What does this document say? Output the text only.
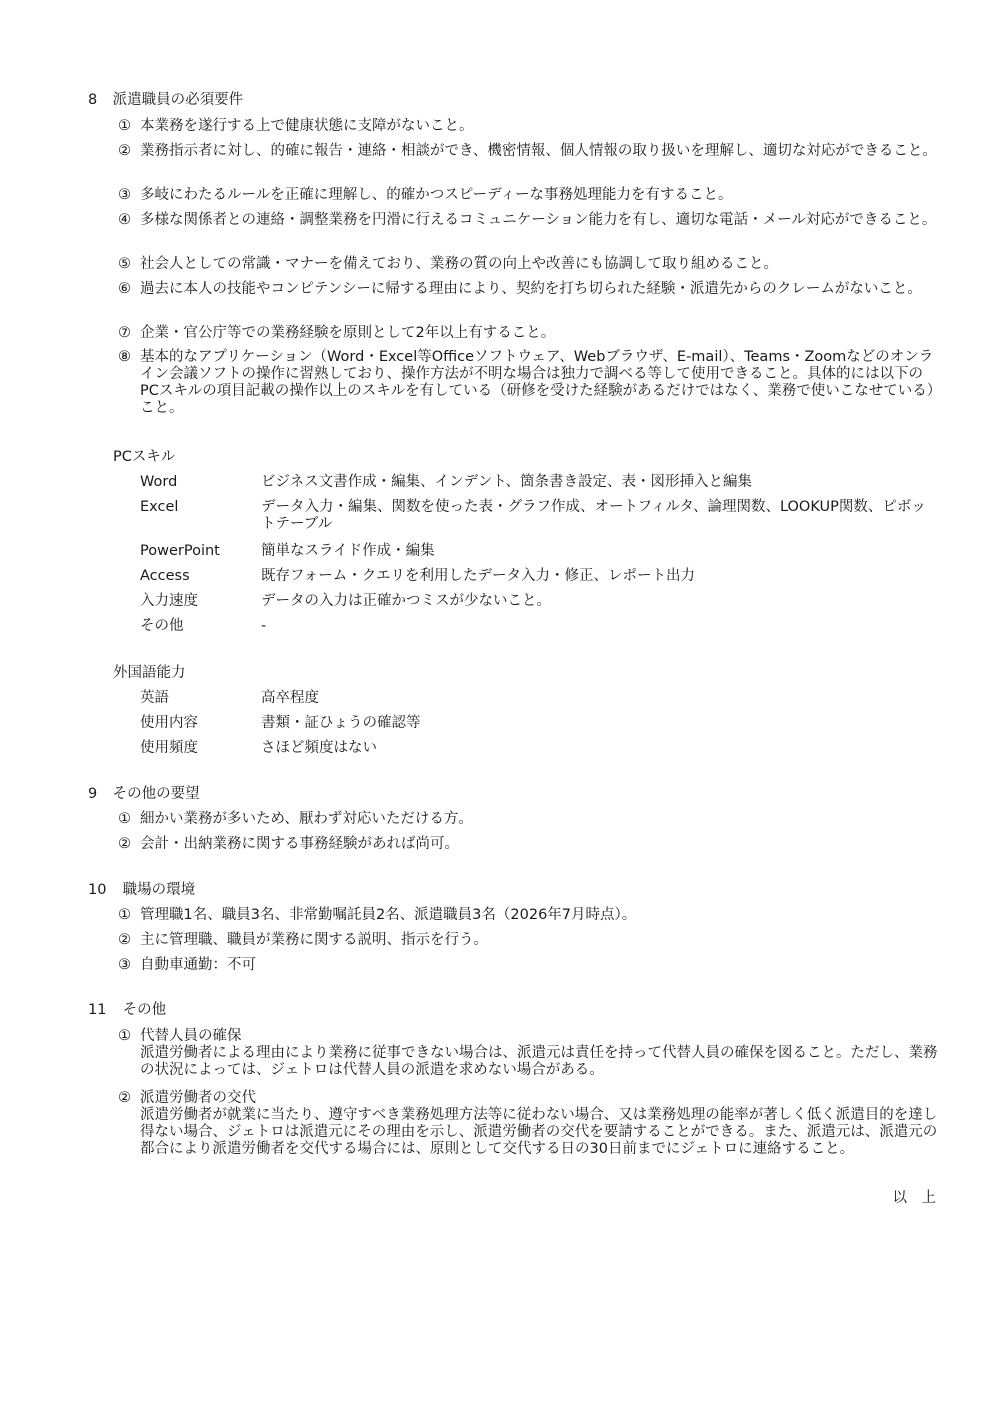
8 派遣職員の必須要件
① 本業務を遂行する上で健康状態に支障がないこと。
② 業務指示者に対し、的確に報告・連絡・相談ができ、機密情報、個人情報の取り扱いを理解し、適切な対応ができること。
③ 多岐にわたるルールを正確に理解し、的確かつスピーディーな事務処理能力を有すること。
④ 多様な関係者との連絡・調整業務を円滑に行えるコミュニケーション能力を有し、適切な電話・メール対応ができること。
⑤ 社会人としての常識・マナーを備えており、業務の質の向上や改善にも協調して取り組めること。
⑥ 過去に本人の技能やコンピテンシーに帰する理由により、契約を打ち切られた経験・派遣先からのクレームがないこと。
⑦ 企業・官公庁等での業務経験を原則として2年以上有すること。
⑧ 基本的なアプリケーション（Word・Excel等Officeソフトウェア、Webブラウザ、E-mail）、Teams・Zoomなどのオンライン会議ソフトの操作に習熟しており、操作方法が不明な場合は独力で調べる等して使用できること。具体的には以下のPCスキルの項目記載の操作以上のスキルを有している（研修を受けた経験があるだけではなく、業務で使いこなせている）こと。
PCスキル
Word	ビジネス文書作成・編集、インデント、箇条書き設定、表・図形挿入と編集
Excel	データ入力・編集、関数を使った表・グラフ作成、オートフィルタ、論理関数、LOOKUP関数、ピボットテーブル
PowerPoint	簡単なスライド作成・編集
Access	既存フォーム・クエリを利用したデータ入力・修正、レポート出力
入力速度	データの入力は正確かつミスが少ないこと。
その他	-
外国語能力
英語	高卒程度
使用内容	書類・証ひょうの確認等
使用頻度	さほど頻度はない
9 その他の要望
① 細かい業務が多いため、厭わず対応いただける方。
② 会計・出納業務に関する事務経験があれば尚可。
10 職場の環境
① 管理職1名、職員3名、非常勤嘱託員2名、派遣職員3名（2026年7月時点）。
② 主に管理職、職員が業務に関する説明、指示を行う。
③ 自動車通勤：不可
11 その他
① 代替人員の確保
派遣労働者による理由により業務に従事できない場合は、派遣元は責任を持って代替人員の確保を図ること。ただし、業務の状況によっては、ジェトロは代替人員の派遣を求めない場合がある。
② 派遣労働者の交代
派遣労働者が就業に当たり、遵守すべき業務処理方法等に従わない場合、又は業務処理の能率が著しく低く派遣目的を達し得ない場合、ジェトロは派遣元にその理由を示し、派遣労働者の交代を要請することができる。また、派遣元は、派遣元の都合により派遣労働者を交代する場合には、原則として交代する日の30日前までにジェトロに連絡すること。
以　上
